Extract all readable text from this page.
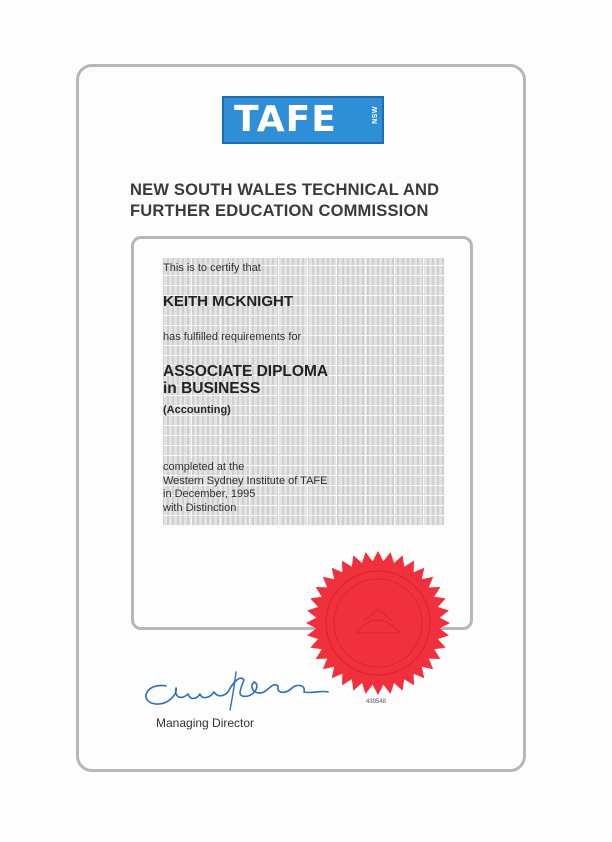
TAFE	NSW
NEW SOUTH WALES TECHNICAL AND
FURTHER EDUCATION COMMISSION

This is to certify that

KEITH MCKNIGHT

has fulfilled requirements for

ASSOCIATE DIPLOMA
in BUSINESS

(Accounting)

completed at the
Western Sydney Institute of TAFE
in December, 1995
with Distinction

Managing Director
439548
